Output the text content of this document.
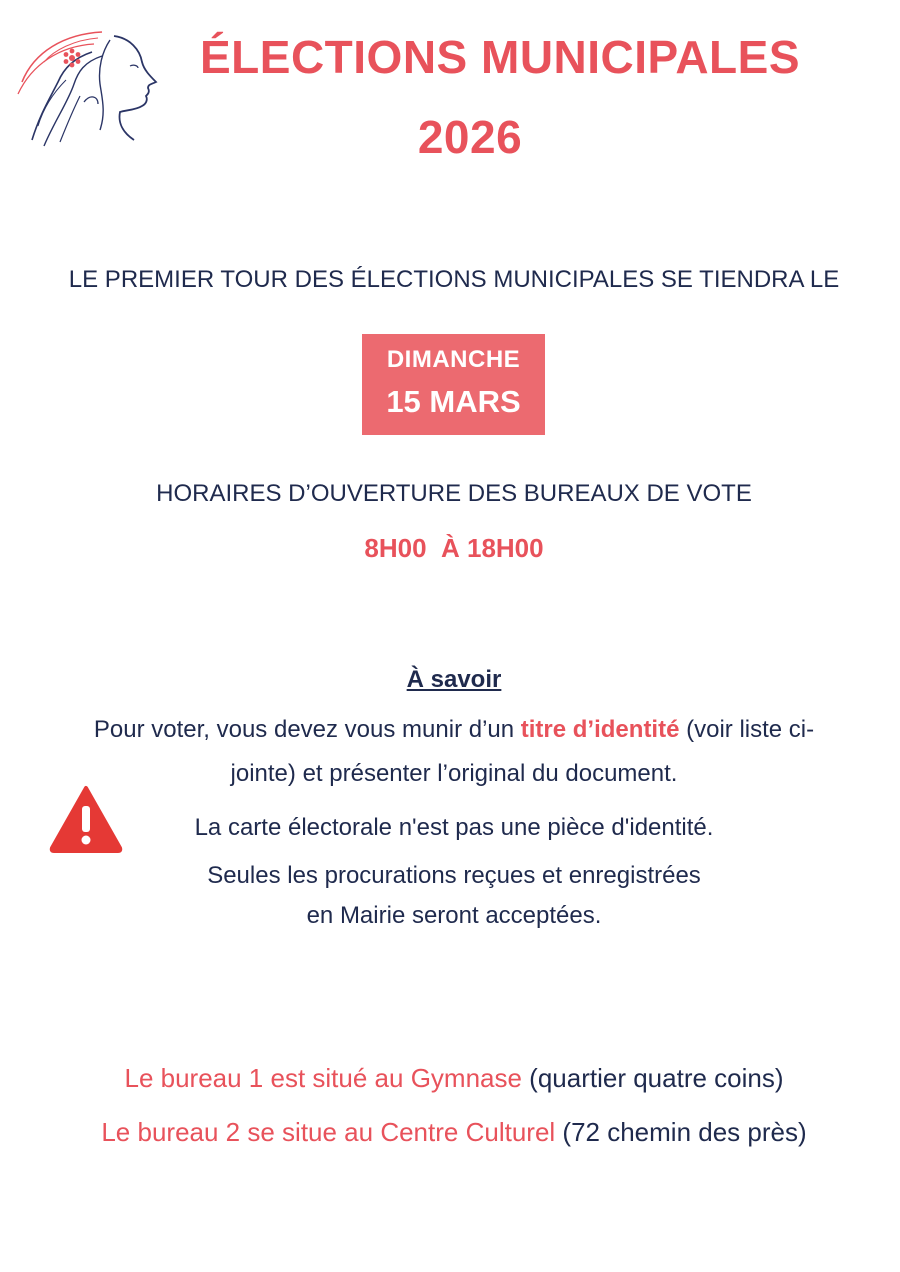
ÉLECTIONS MUNICIPALES
2026
LE PREMIER TOUR DES ÉLECTIONS MUNICIPALES SE TIENDRA LE
DIMANCHE
15 MARS
HORAIRES D’OUVERTURE DES BUREAUX DE VOTE
8H00  À 18H00
À savoir
Pour voter, vous devez vous munir d’un titre d’identité (voir liste ci-
jointe) et présenter l’original du document.
La carte électorale n'est pas une pièce d'identité.
Seules les procurations reçues et enregistrées
en Mairie seront acceptées.
Le bureau 1 est situé au Gymnase (quartier quatre coins)
Le bureau 2 se situe au Centre Culturel (72 chemin des près)
